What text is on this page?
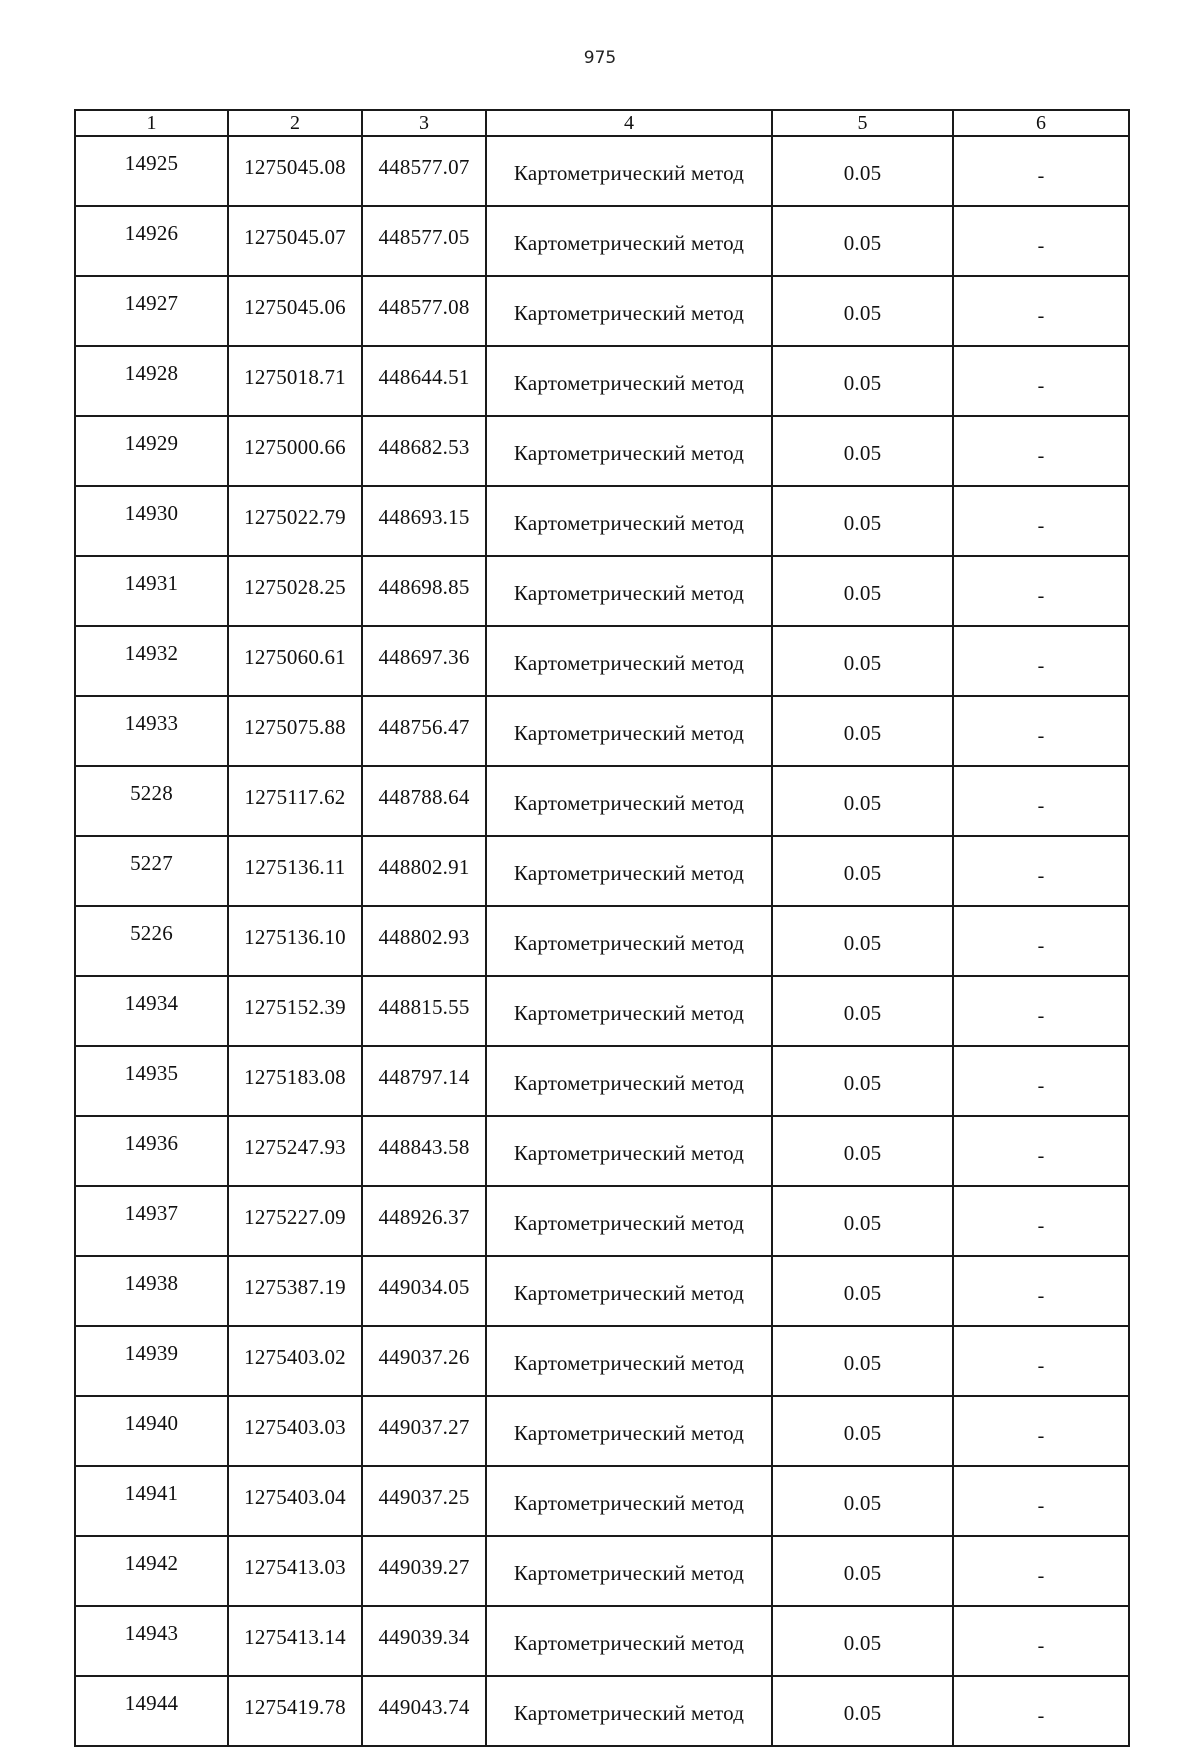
975
1	2	3	4	5	6
14925	1275045.08	448577.07	Картометрический метод	0.05	-
14926	1275045.07	448577.05	Картометрический метод	0.05	-
14927	1275045.06	448577.08	Картометрический метод	0.05	-
14928	1275018.71	448644.51	Картометрический метод	0.05	-
14929	1275000.66	448682.53	Картометрический метод	0.05	-
14930	1275022.79	448693.15	Картометрический метод	0.05	-
14931	1275028.25	448698.85	Картометрический метод	0.05	-
14932	1275060.61	448697.36	Картометрический метод	0.05	-
14933	1275075.88	448756.47	Картометрический метод	0.05	-
5228	1275117.62	448788.64	Картометрический метод	0.05	-
5227	1275136.11	448802.91	Картометрический метод	0.05	-
5226	1275136.10	448802.93	Картометрический метод	0.05	-
14934	1275152.39	448815.55	Картометрический метод	0.05	-
14935	1275183.08	448797.14	Картометрический метод	0.05	-
14936	1275247.93	448843.58	Картометрический метод	0.05	-
14937	1275227.09	448926.37	Картометрический метод	0.05	-
14938	1275387.19	449034.05	Картометрический метод	0.05	-
14939	1275403.02	449037.26	Картометрический метод	0.05	-
14940	1275403.03	449037.27	Картометрический метод	0.05	-
14941	1275403.04	449037.25	Картометрический метод	0.05	-
14942	1275413.03	449039.27	Картометрический метод	0.05	-
14943	1275413.14	449039.34	Картометрический метод	0.05	-
14944	1275419.78	449043.74	Картометрический метод	0.05	-
